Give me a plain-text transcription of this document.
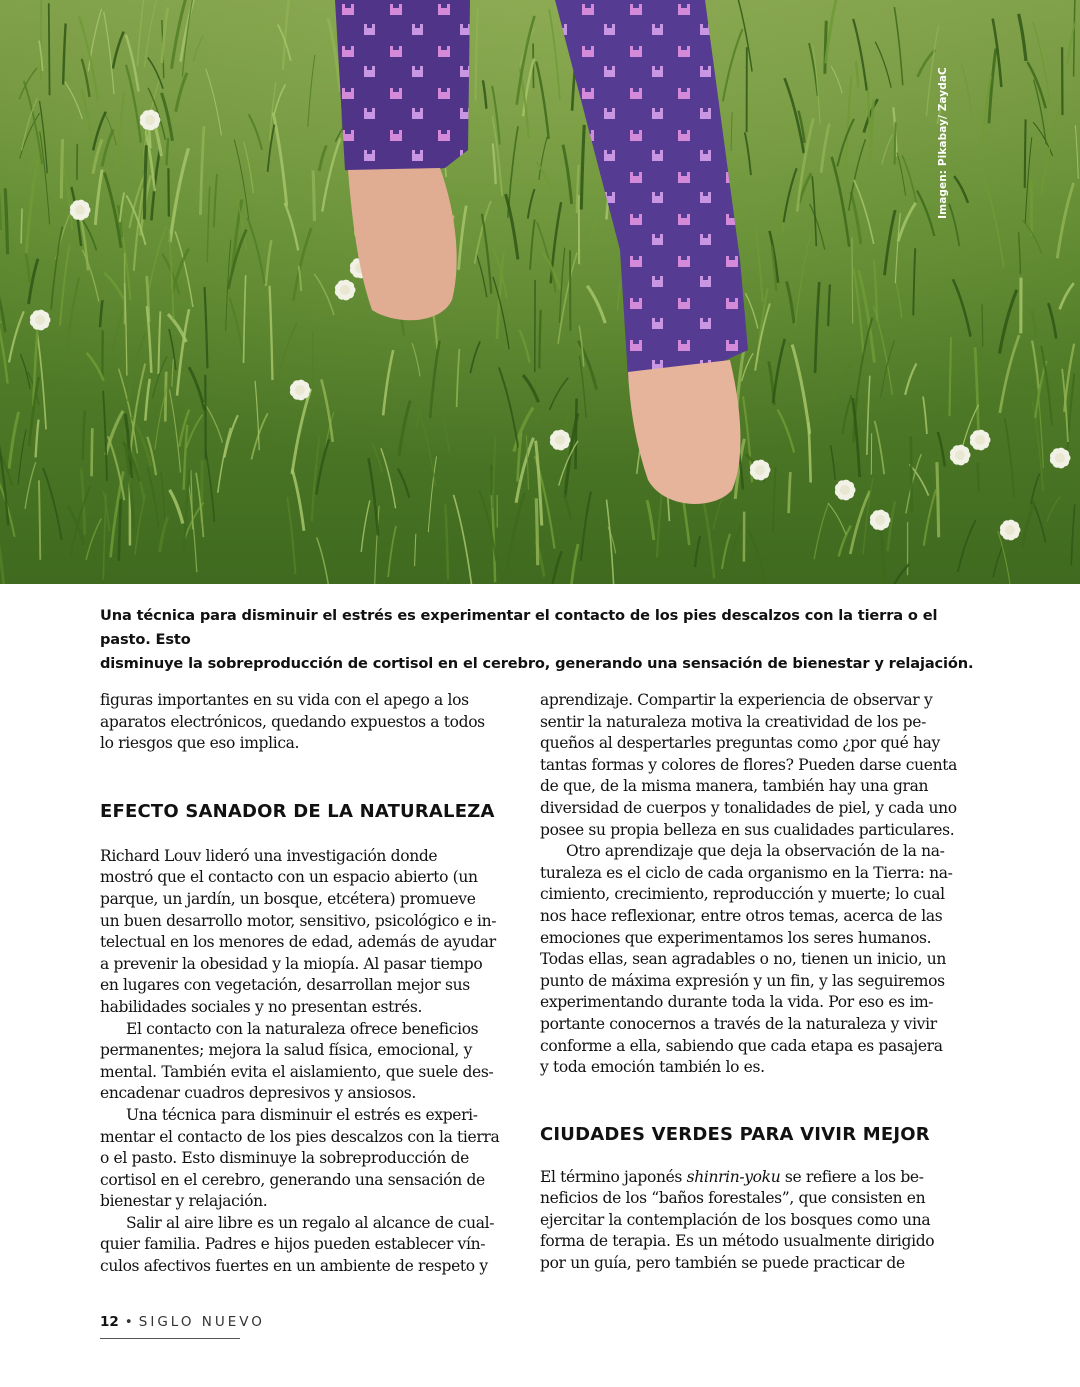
Imagen: Pikabay/ ZaydaC
Una técnica para disminuir el estrés es experimentar el contacto de los pies descalzos con la tierra o el pasto. Esto
disminuye la sobreproducción de cortisol en el cerebro, generando una sensación de bienestar y relajación.
figuras importantes en su vida con el apego a los
aparatos electrónicos, quedando expuestos a todos
lo riesgos que eso implica.
EFECTO SANADOR DE LA NATURALEZA
Richard Louv lideró una investigación donde
mostró que el contacto con un espacio abierto (un
parque, un jardín, un bosque, etcétera) promueve
un buen desarrollo motor, sensitivo, psicológico e in-
telectual en los menores de edad, además de ayudar
a prevenir la obesidad y la miopía. Al pasar tiempo
en lugares con vegetación, desarrollan mejor sus
habilidades sociales y no presentan estrés.
El contacto con la naturaleza ofrece beneficios
permanentes; mejora la salud física, emocional, y
mental. También evita el aislamiento, que suele des-
encadenar cuadros depresivos y ansiosos.
Una técnica para disminuir el estrés es experi-
mentar el contacto de los pies descalzos con la tierra
o el pasto. Esto disminuye la sobreproducción de
cortisol en el cerebro, generando una sensación de
bienestar y relajación.
Salir al aire libre es un regalo al alcance de cual-
quier familia. Padres e hijos pueden establecer vín-
culos afectivos fuertes en un ambiente de respeto y
aprendizaje. Compartir la experiencia de observar y
sentir la naturaleza motiva la creatividad de los pe-
queños al despertarles preguntas como ¿por qué hay
tantas formas y colores de flores? Pueden darse cuenta
de que, de la misma manera, también hay una gran
diversidad de cuerpos y tonalidades de piel, y cada uno
posee su propia belleza en sus cualidades particulares.
Otro aprendizaje que deja la observación de la na-
turaleza es el ciclo de cada organismo en la Tierra: na-
cimiento, crecimiento, reproducción y muerte; lo cual
nos hace reflexionar, entre otros temas, acerca de las
emociones que experimentamos los seres humanos.
Todas ellas, sean agradables o no, tienen un inicio, un
punto de máxima expresión y un fin, y las seguiremos
experimentando durante toda la vida. Por eso es im-
portante conocernos a través de la naturaleza y vivir
conforme a ella, sabiendo que cada etapa es pasajera
y toda emoción también lo es.
CIUDADES VERDES PARA VIVIR MEJOR
El término japonés shinrin-yoku se refiere a los be-
neficios de los “baños forestales”, que consisten en
ejercitar la contemplación de los bosques como una
forma de terapia. Es un método usualmente dirigido
por un guía, pero también se puede practicar de
12 • SIGLO NUEVO
